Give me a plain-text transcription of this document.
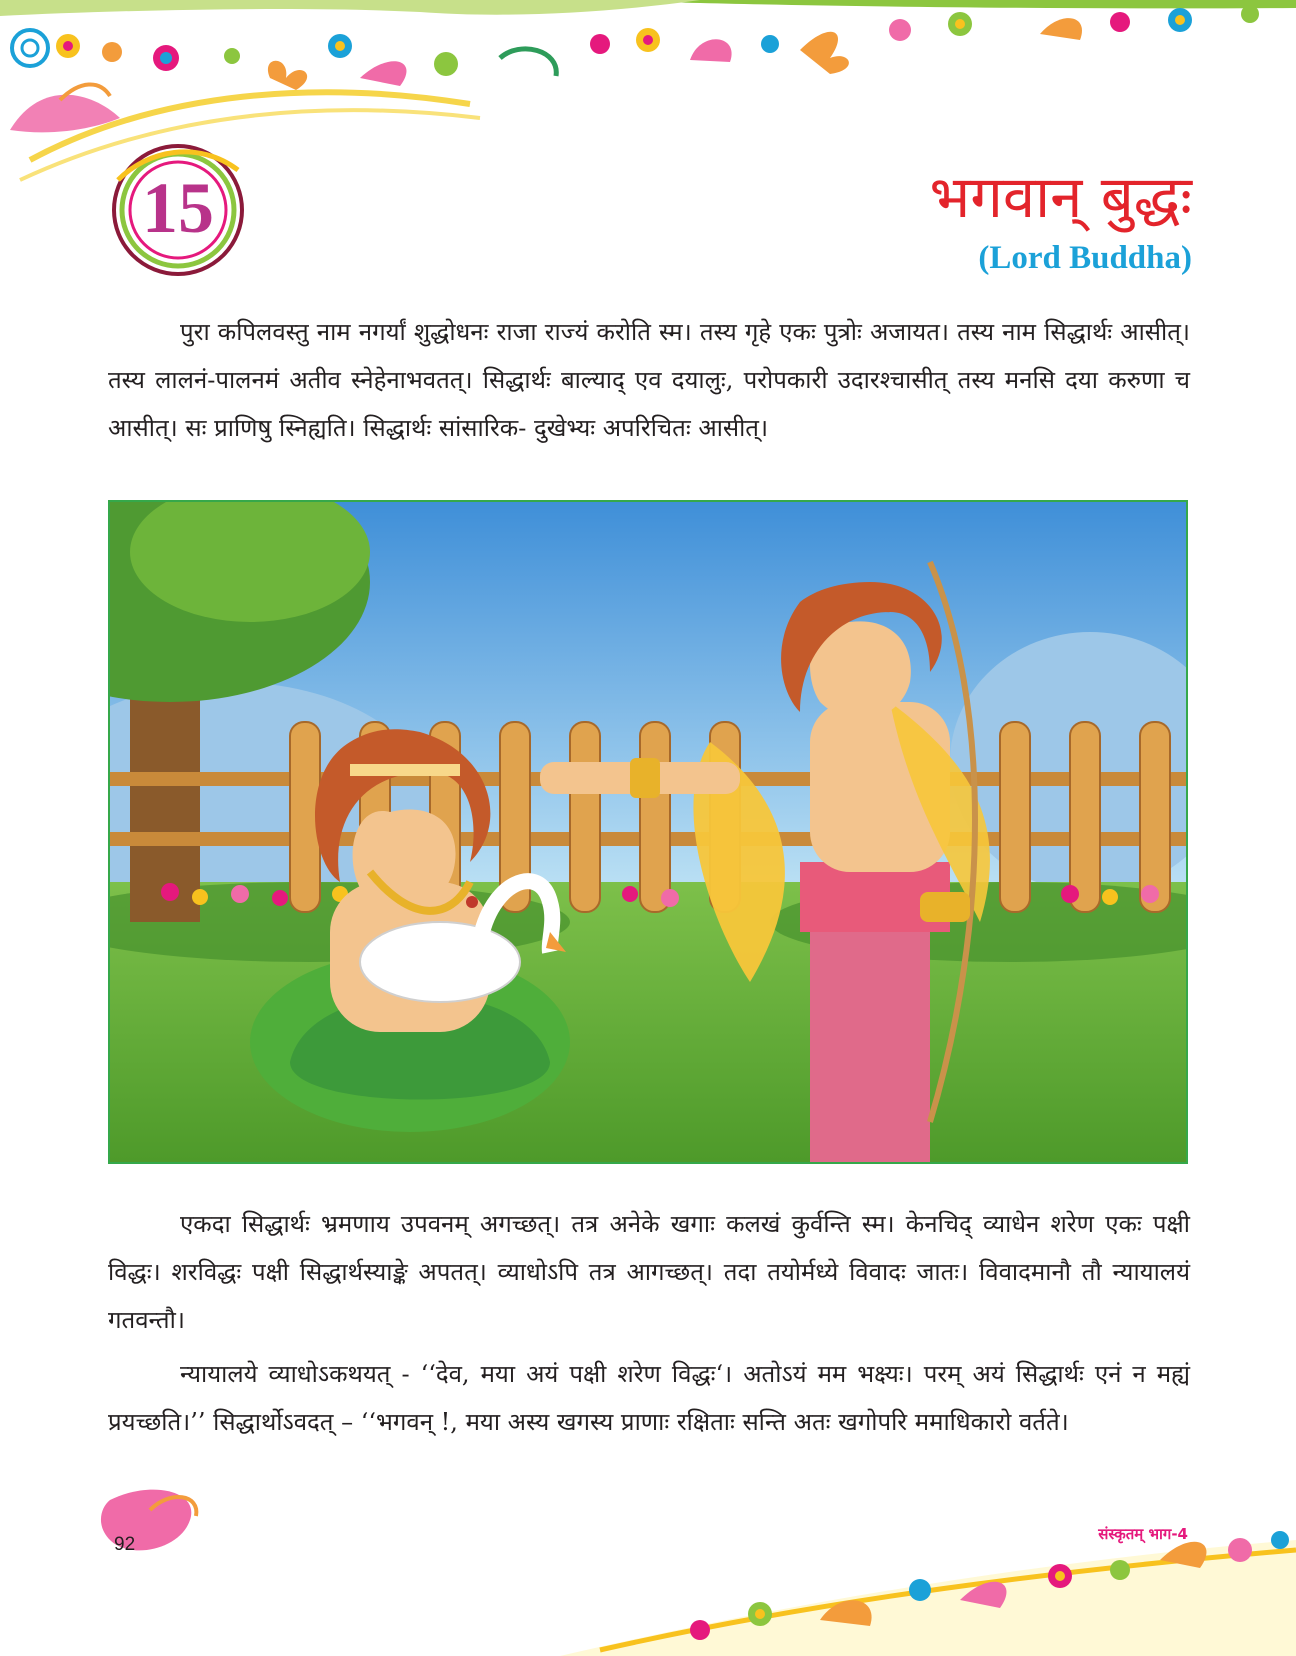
15	भगवान् बुद्धः
(Lord Buddha)

पुरा कपिलवस्तु नाम नगर्यां शुद्धोधनः राजा राज्यं करोति स्म। तस्य गृहे एकः पुत्रोः अजायत। तस्य नाम सिद्धार्थः आसीत्। तस्य लालनं-पालनमं अतीव स्नेहेनाभवतत्। सिद्धार्थः बाल्याद् एव दयालुः, परोपकारी उदारश्चासीत् तस्य मनसि दया करुणा च आसीत्। सः प्राणिषु स्निह्यति। सिद्धार्थः सांसारिक- दुखेभ्यः अपरिचितः आसीत्।

एकदा सिद्धार्थः भ्रमणाय उपवनम् अगच्छत्। तत्र अनेके खगाः कलखं कुर्वन्ति स्म। केनचिद् व्याधेन शरेण एकः पक्षी विद्धः। शरविद्धः पक्षी सिद्धार्थस्याङ्के अपतत्। व्याधोऽपि तत्र आगच्छत्। तदा तयोर्मध्ये विवादः जातः। विवादमानौ तौ न्यायालयं गतवन्तौ।

न्यायालये व्याधोऽकथयत् - ‘‘देव, मया अयं पक्षी शरेण विद्धः‘। अतोऽयं मम भक्ष्यः। परम् अयं सिद्धार्थः एनं न मह्यं प्रयच्छति।’’ सिद्धार्थोऽवदत् – ‘‘भगवन् !, मया अस्य खगस्य प्राणाः रक्षिताः सन्ति अतः खगोपरि ममाधिकारो वर्तते।

92	संस्कृतम् भाग-4
